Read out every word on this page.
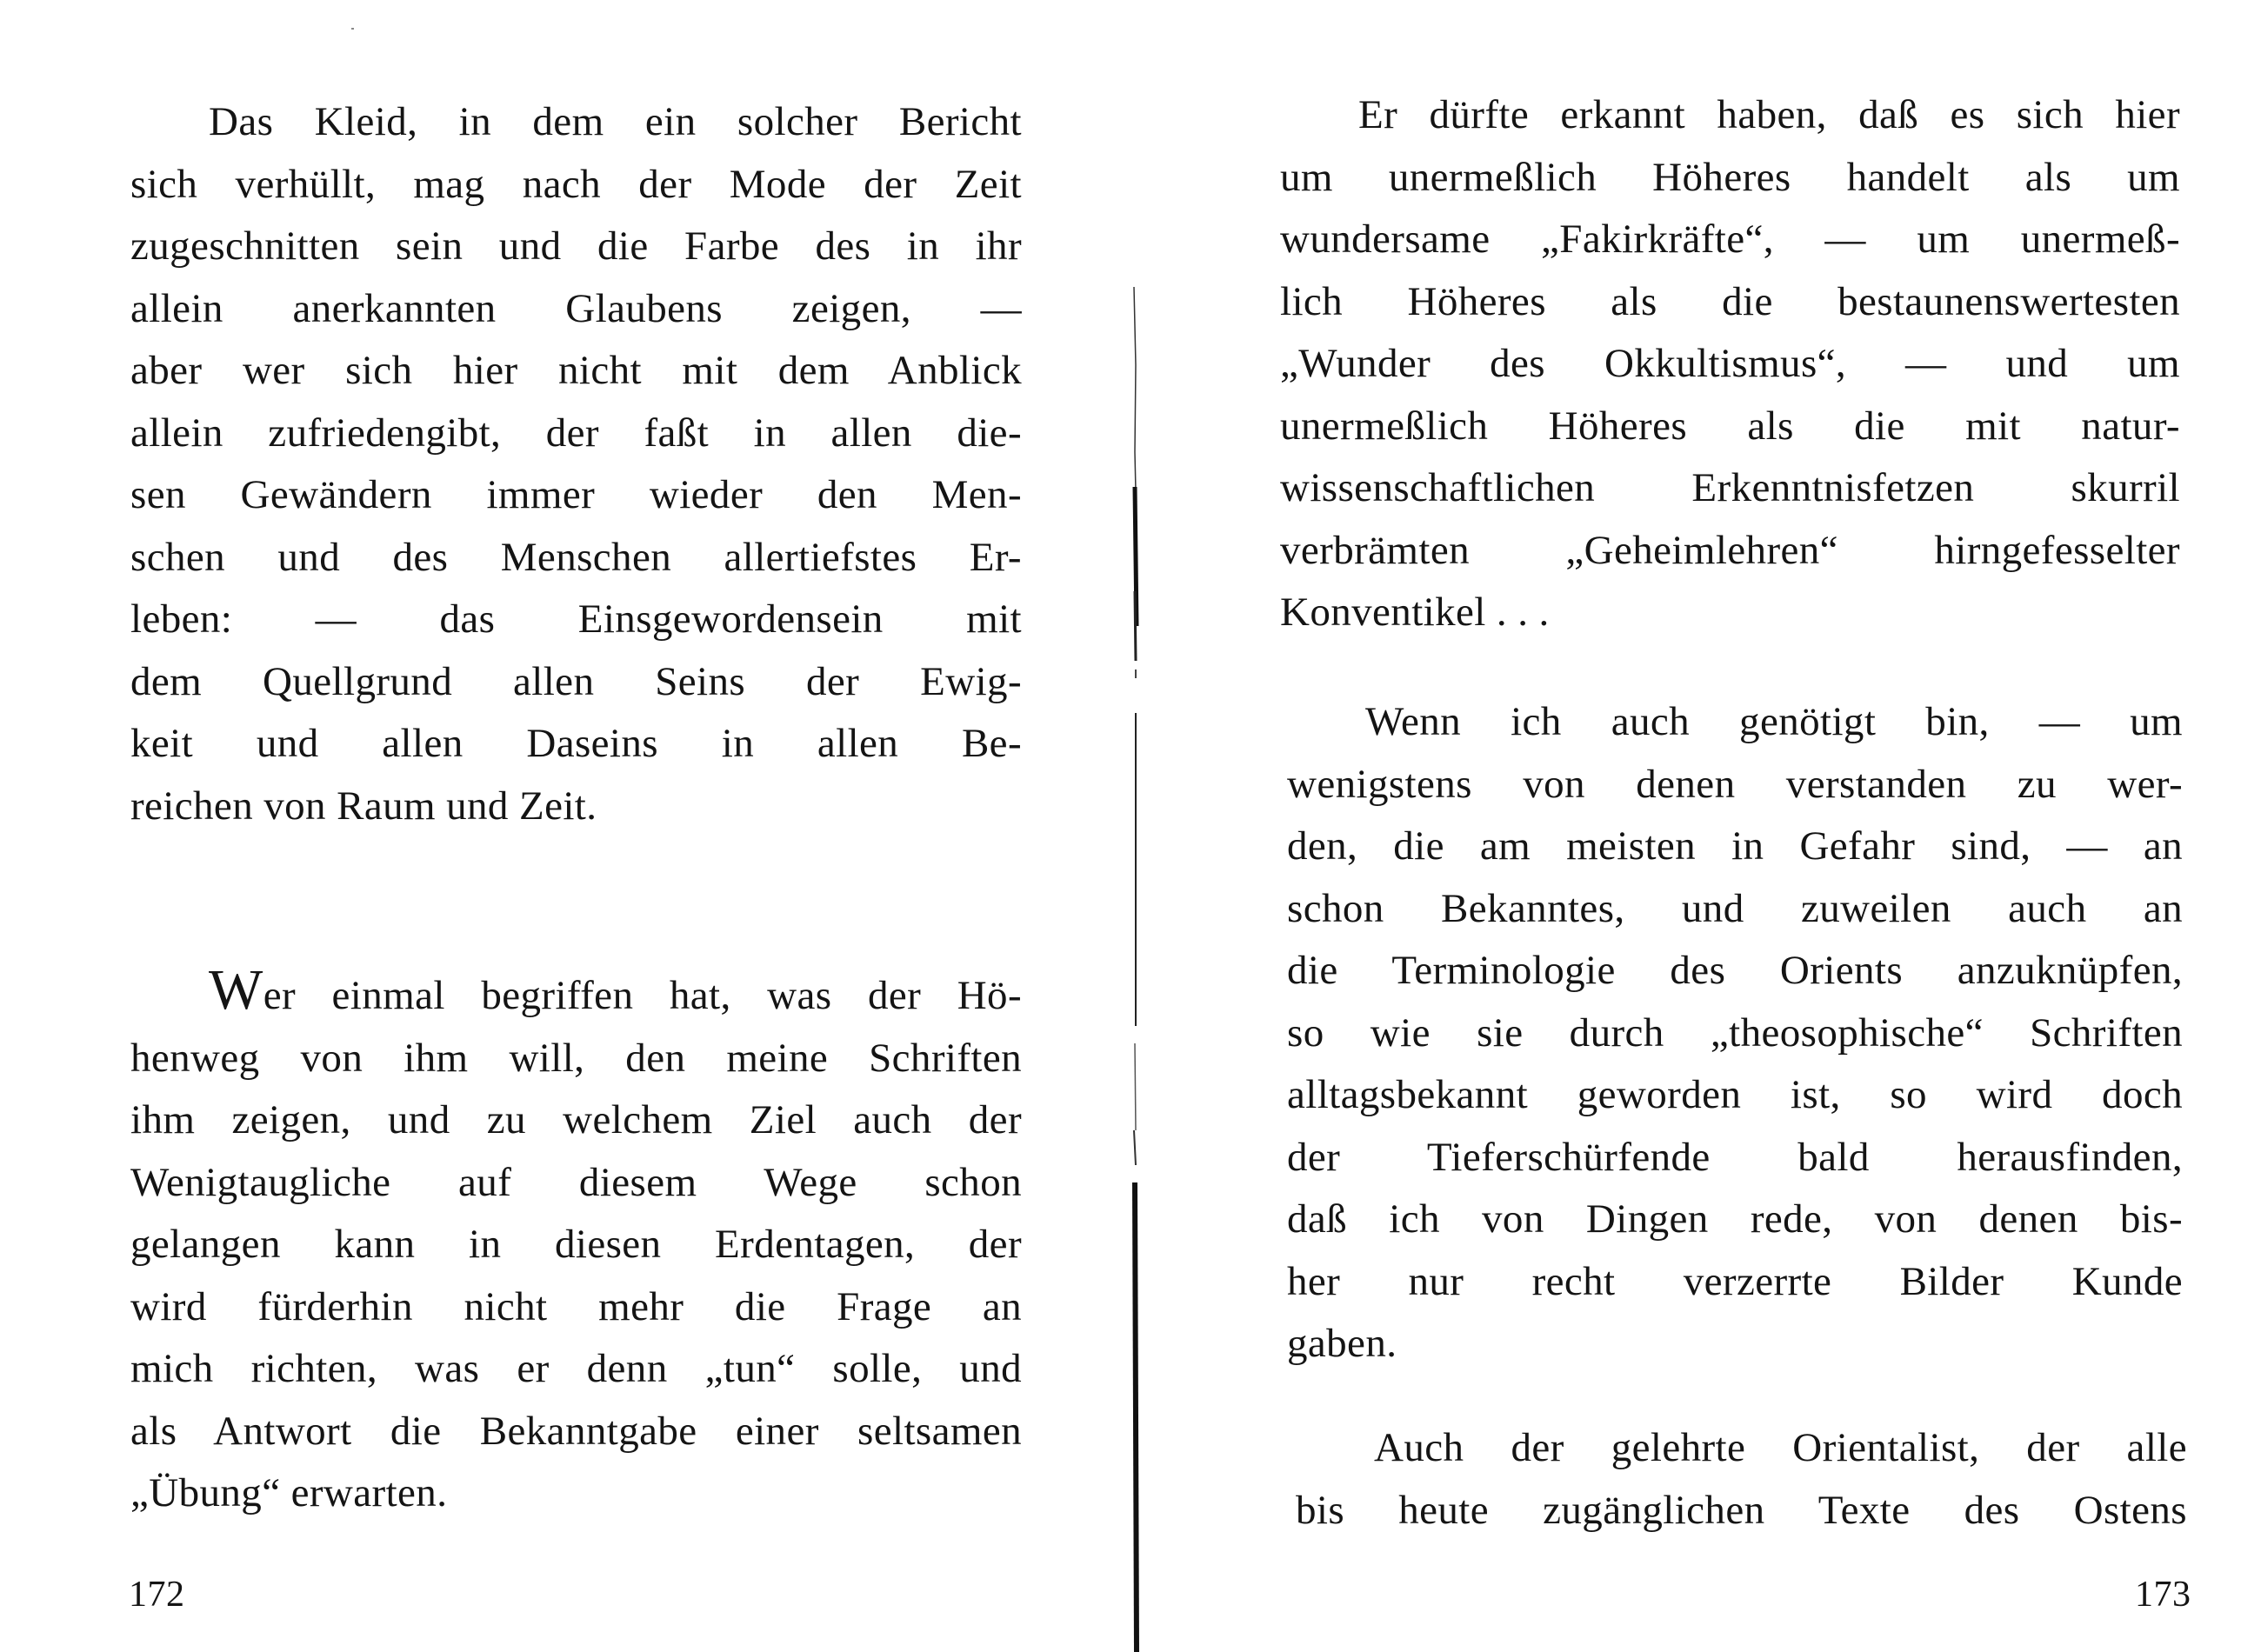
Das Kleid, in dem ein solcher Bericht
sich verhüllt, mag nach der Mode der Zeit
zugeschnitten sein und die Farbe des in ihr
allein anerkannten Glaubens zeigen, —
aber wer sich hier nicht mit dem Anblick
allein zufriedengibt, der faßt in allen die-
sen Gewändern immer wieder den Men-
schen und des Menschen allertiefstes Er-
leben: — das Einsgewordensein mit
dem Quellgrund allen Seins der Ewig-
keit und allen Daseins in allen Be-
reichen von Raum und Zeit.
Wer einmal begriffen hat, was der Hö-
henweg von ihm will, den meine Schriften
ihm zeigen, und zu welchem Ziel auch der
Wenigtaugliche auf diesem Wege schon
gelangen kann in diesen Erdentagen, der
wird fürderhin nicht mehr die Frage an
mich richten, was er denn „tun“ solle, und
als Antwort die Bekanntgabe einer seltsamen
„Übung“ erwarten.
172
Er dürfte erkannt haben, daß es sich hier
um unermeßlich Höheres handelt als um
wundersame „Fakirkräfte“, — um unermeß-
lich Höheres als die bestaunenswertesten
„Wunder des Okkultismus“, — und um
unermeßlich Höheres als die mit natur-
wissenschaftlichen Erkenntnisfetzen skurril
verbrämten „Geheimlehren“ hirngefesselter
Konventikel . . .
Wenn ich auch genötigt bin, — um
wenigstens von denen verstanden zu wer-
den, die am meisten in Gefahr sind, — an
schon Bekanntes, und zuweilen auch an
die Terminologie des Orients anzuknüpfen,
so wie sie durch „theosophische“ Schriften
alltagsbekannt geworden ist, so wird doch
der Tieferschürfende bald herausfinden,
daß ich von Dingen rede, von denen bis-
her nur recht verzerrte Bilder Kunde
gaben.
Auch der gelehrte Orientalist, der alle
bis heute zugänglichen Texte des Ostens
173
